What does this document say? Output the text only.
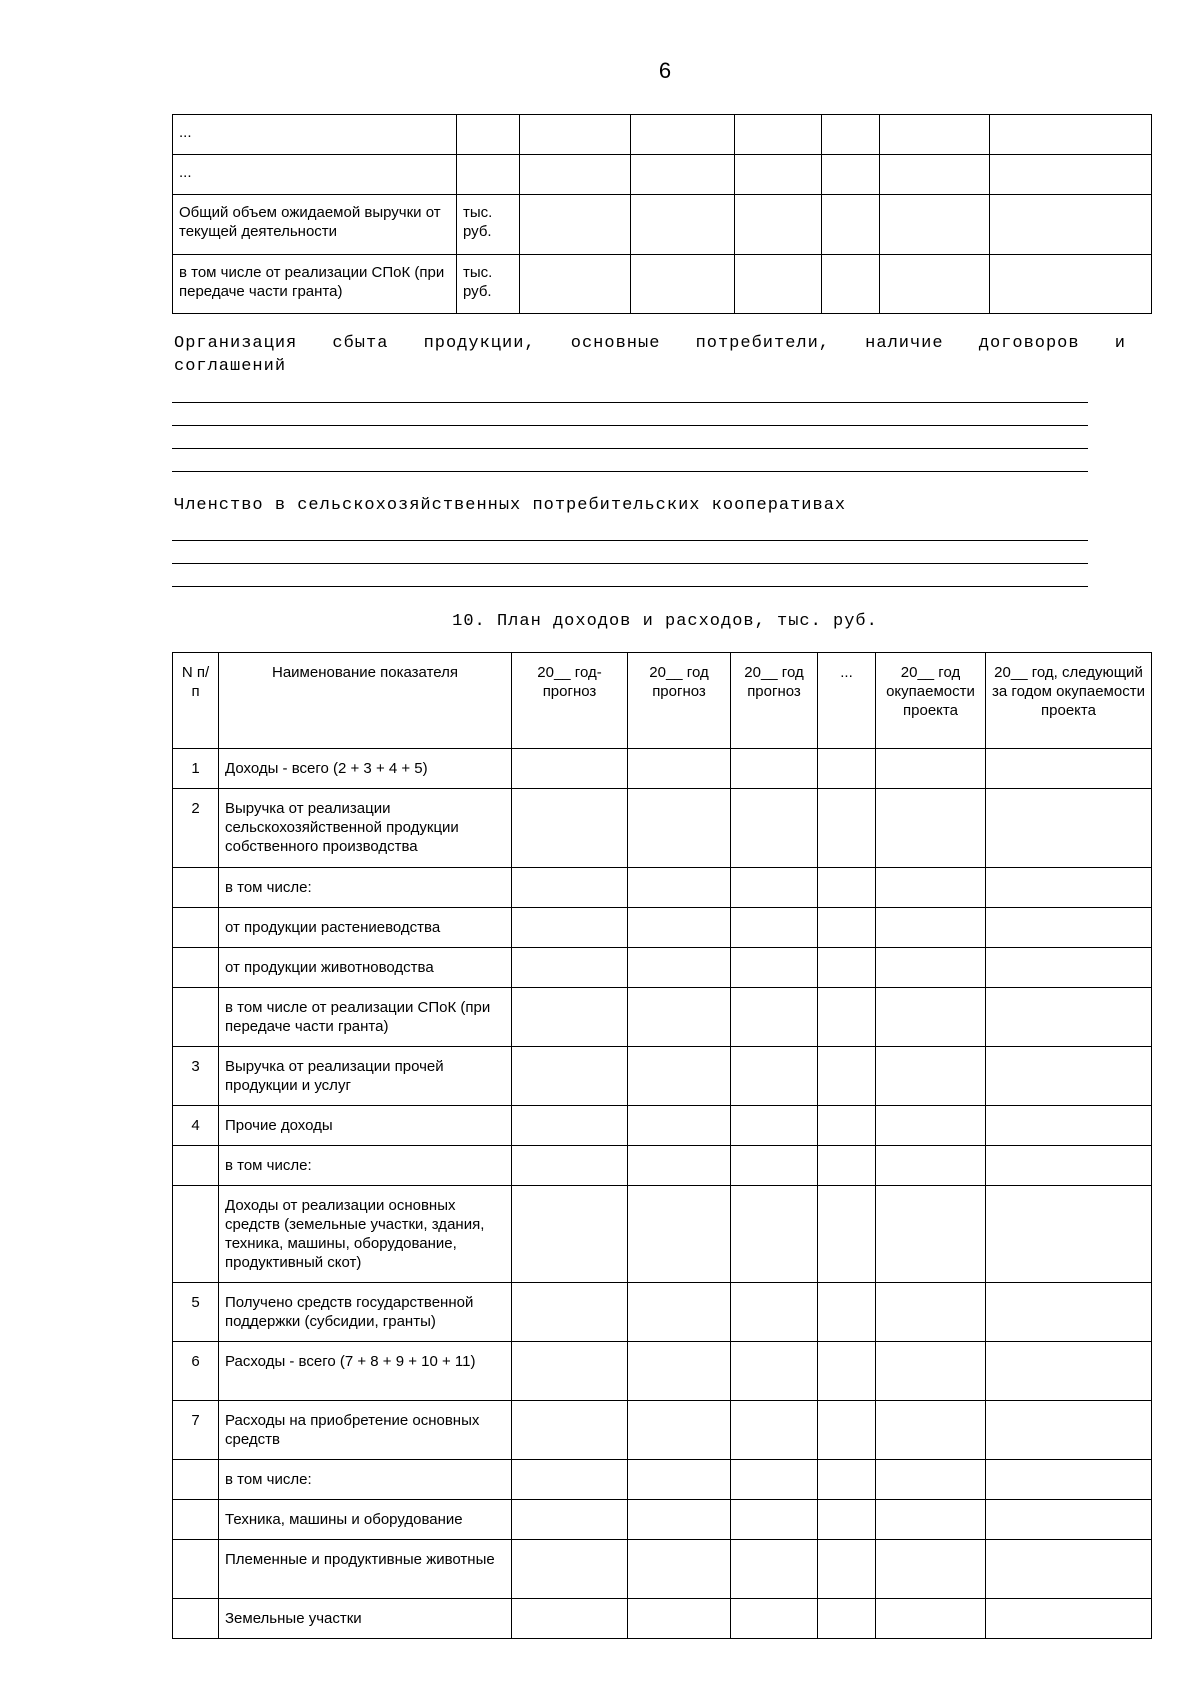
6
...							
...							
Общий объем ожидаемой выручки от текущей деятельности	тыс. руб.						
в том числе от реализации СПоК (при передаче части гранта)	тыс. руб.						
Организация сбыта продукции, основные потребители, наличие договоров и
соглашений
Членство в сельскохозяйственных потребительских кооперативах
10. План доходов и расходов, тыс. руб.
N п/п	Наименование показателя	20__ год-прогноз	20__ год прогноз	20__ год прогноз	...	20__ год окупаемости проекта	20__ год, следующий за годом окупаемости проекта
1	Доходы - всего (2 + 3 + 4 + 5)						
2	Выручка от реализации сельскохозяйственной продукции собственного производства						
	в том числе:						
	от продукции растениеводства						
	от продукции животноводства						
	в том числе от реализации СПоК (при передаче части гранта)						
3	Выручка от реализации прочей продукции и услуг						
4	Прочие доходы						
	в том числе:						
	Доходы от реализации основных средств (земельные участки, здания, техника, машины, оборудование, продуктивный скот)						
5	Получено средств государственной поддержки (субсидии, гранты)						
6	Расходы - всего (7 + 8 + 9 + 10 + 11)						
7	Расходы на приобретение основных средств						
	в том числе:						
	Техника, машины и оборудование						
	Племенные и продуктивные животные						
	Земельные участки						
